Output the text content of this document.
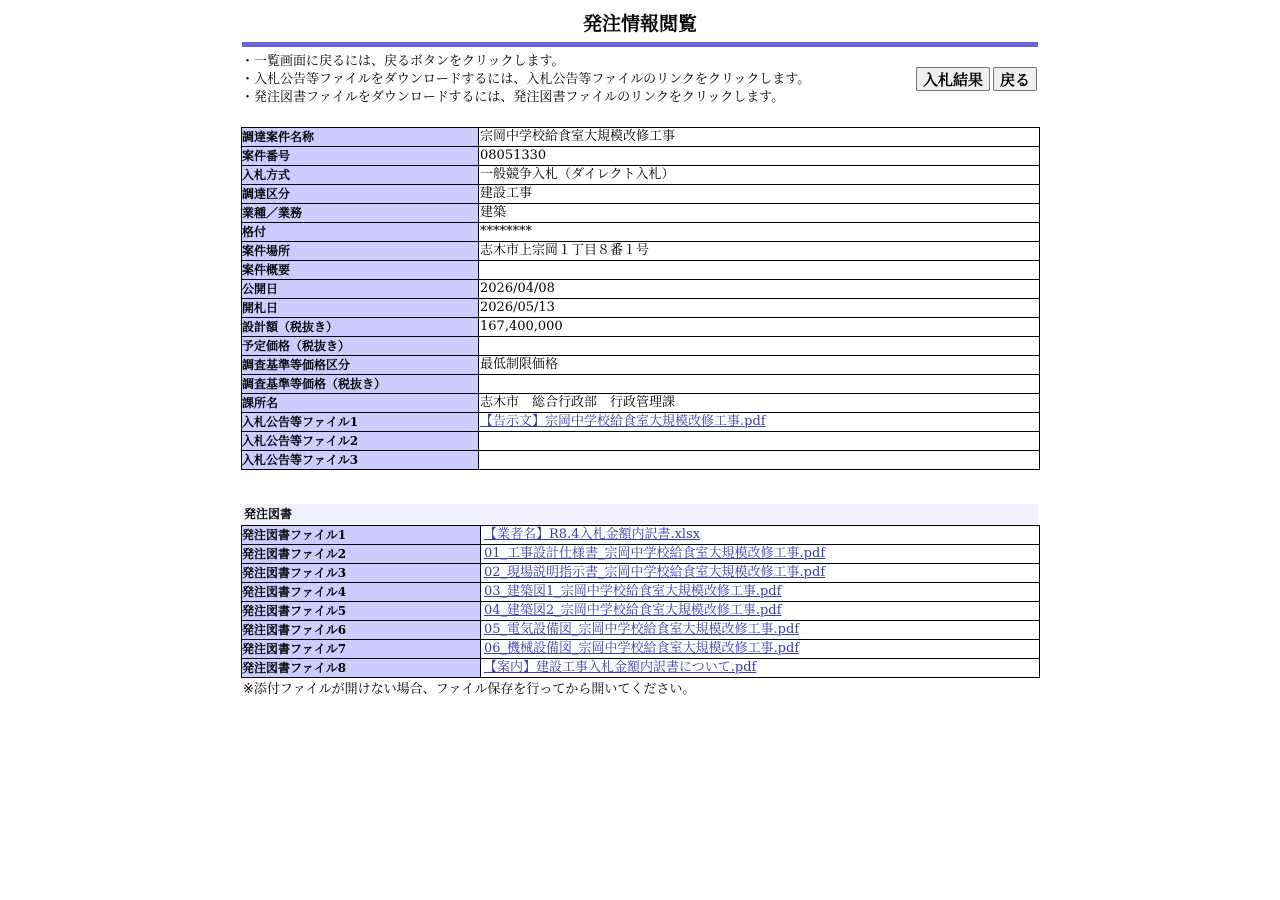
発注情報閲覧
・一覧画面に戻るには、戻るボタンをクリックします。
・入札公告等ファイルをダウンロードするには、入札公告等ファイルのリンクをクリックします。
・発注図書ファイルをダウンロードするには、発注図書ファイルのリンクをクリックします。
入札結果	戻る
調達案件名称	宗岡中学校給食室大規模改修工事
案件番号	08051330
入札方式	一般競争入札（ダイレクト入札）
調達区分	建設工事
業種／業務	建築
格付	********
案件場所	志木市上宗岡１丁目８番１号
案件概要	
公開日	2026/04/08
開札日	2026/05/13
設計額（税抜き）	167,400,000
予定価格（税抜き）	
調査基準等価格区分	最低制限価格
調査基準等価格（税抜き）	
課所名	志木市　総合行政部　行政管理課
入札公告等ファイル1	【告示文】宗岡中学校給食室大規模改修工事.pdf
入札公告等ファイル2	
入札公告等ファイル3	
発注図書
発注図書ファイル1	【業者名】R8.4入札金額内訳書.xlsx
発注図書ファイル2	01_工事設計仕様書_宗岡中学校給食室大規模改修工事.pdf
発注図書ファイル3	02_現場説明指示書_宗岡中学校給食室大規模改修工事.pdf
発注図書ファイル4	03_建築図1_宗岡中学校給食室大規模改修工事.pdf
発注図書ファイル5	04_建築図2_宗岡中学校給食室大規模改修工事.pdf
発注図書ファイル6	05_電気設備図_宗岡中学校給食室大規模改修工事.pdf
発注図書ファイル7	06_機械設備図_宗岡中学校給食室大規模改修工事.pdf
発注図書ファイル8	【案内】建設工事入札金額内訳書について.pdf
※添付ファイルが開けない場合、ファイル保存を行ってから開いてください。
